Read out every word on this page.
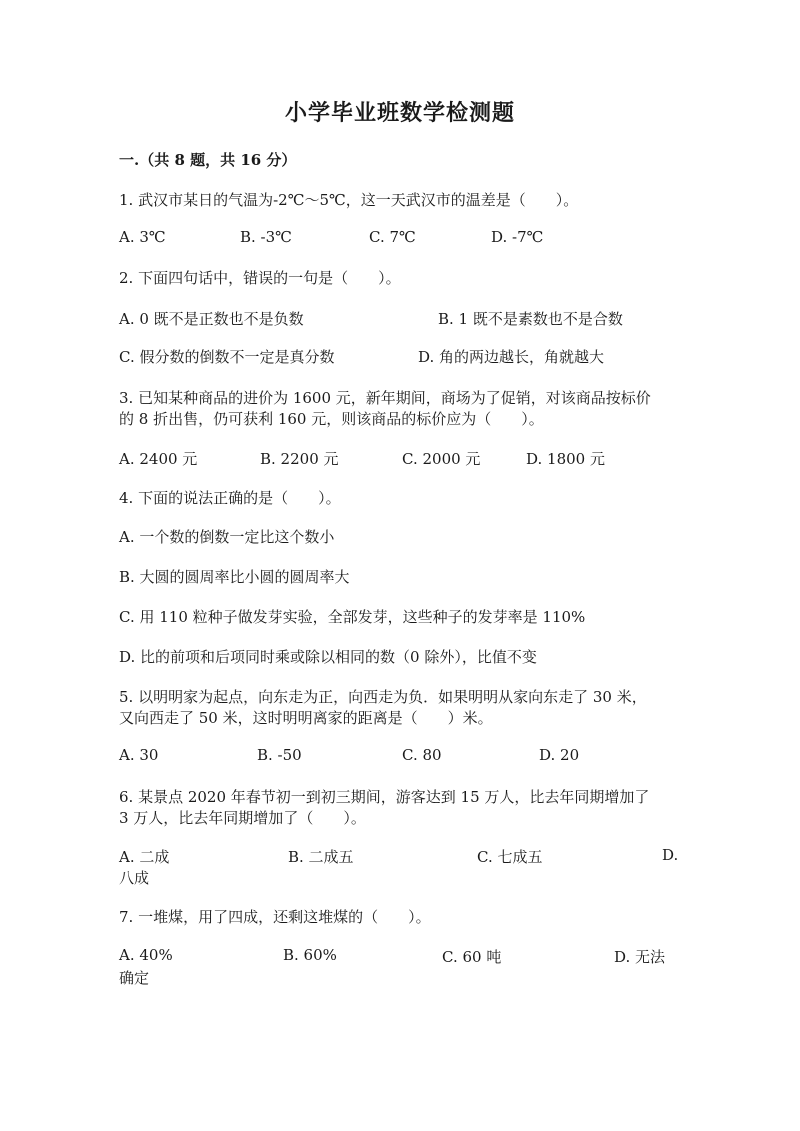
小学毕业班数学检测题
一.（共 8 题，共 16 分）
1. 武汉市某日的气温为-2℃～5℃，这一天武汉市的温差是（　　）。
A. 3℃	B. -3℃	C. 7℃	D. -7℃
2. 下面四句话中，错误的一句是（　　）。
A. 0 既不是正数也不是负数	B. 1 既不是素数也不是合数
C. 假分数的倒数不一定是真分数	D. 角的两边越长，角就越大
3. 已知某种商品的进价为 1600 元，新年期间，商场为了促销，对该商品按标价
的 8 折出售，仍可获利 160 元，则该商品的标价应为（　　）。
A. 2400 元	B. 2200 元	C. 2000 元	D. 1800 元
4. 下面的说法正确的是（　　）。
A. 一个数的倒数一定比这个数小
B. 大圆的圆周率比小圆的圆周率大
C. 用 110 粒种子做发芽实验，全部发芽，这些种子的发芽率是 110%
D. 比的前项和后项同时乘或除以相同的数（0 除外），比值不变
5. 以明明家为起点，向东走为正，向西走为负．如果明明从家向东走了 30 米，
又向西走了 50 米，这时明明离家的距离是（　　）米。
A. 30	B. -50	C. 80	D. 20
6. 某景点 2020 年春节初一到初三期间，游客达到 15 万人，比去年同期增加了
3 万人，比去年同期增加了（　　）。
A. 二成	B. 二成五	C. 七成五	D.
八成
7. 一堆煤，用了四成，还剩这堆煤的（　　）。
A. 40%	B. 60%	C. 60 吨	D. 无法
确定
